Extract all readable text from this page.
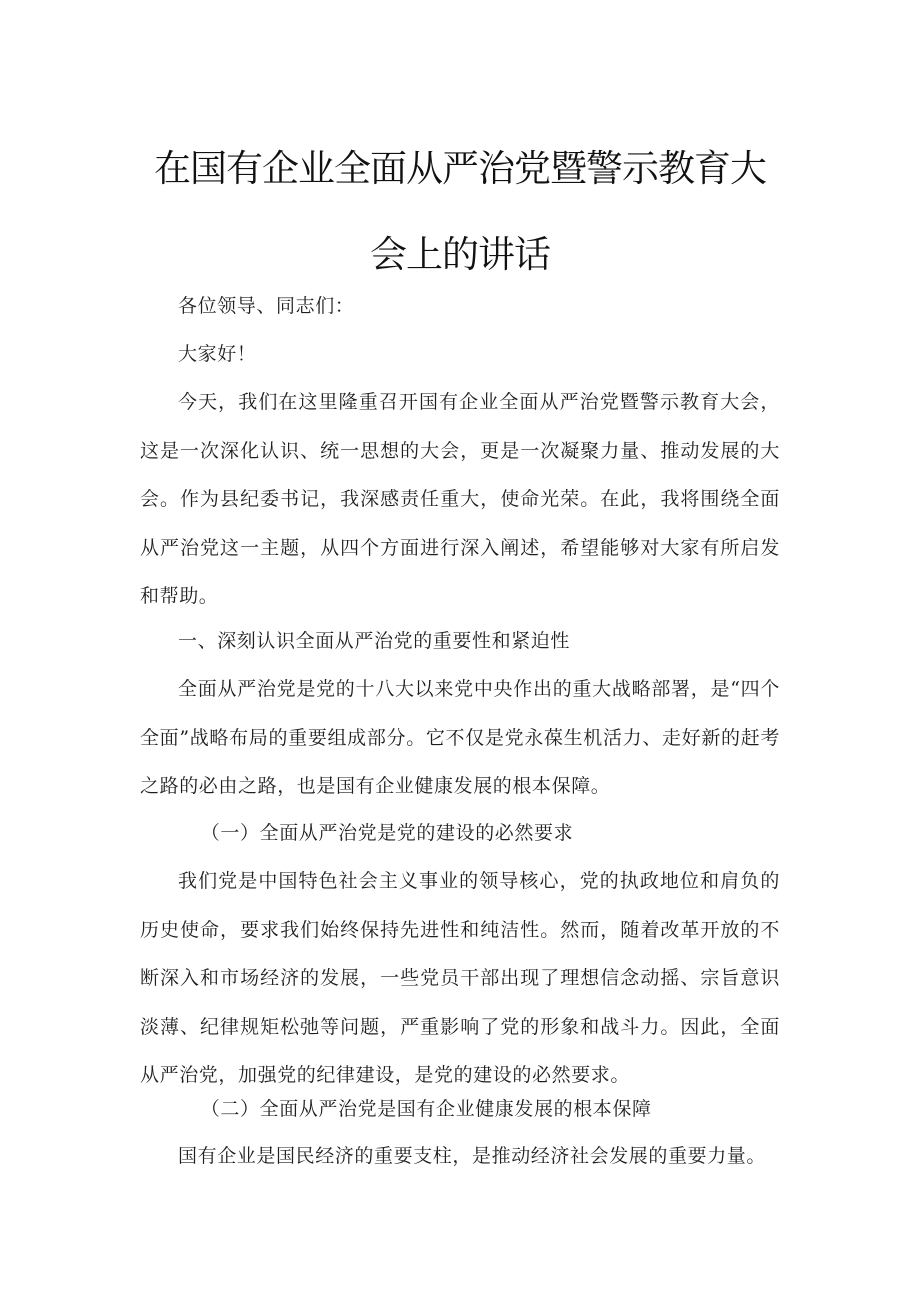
在国有企业全面从严治党暨警示教育大
会上的讲话

各位领导、同志们：

大家好！

今天，我们在这里隆重召开国有企业全面从严治党暨警示教育大会，这是一次深化认识、统一思想的大会，更是一次凝聚力量、推动发展的大会。作为县纪委书记，我深感责任重大，使命光荣。在此，我将围绕全面从严治党这一主题，从四个方面进行深入阐述，希望能够对大家有所启发和帮助。

一、深刻认识全面从严治党的重要性和紧迫性

全面从严治党是党的十八大以来党中央作出的重大战略部署，是“四个全面”战略布局的重要组成部分。它不仅是党永葆生机活力、走好新的赶考之路的必由之路，也是国有企业健康发展的根本保障。

（一）全面从严治党是党的建设的必然要求

我们党是中国特色社会主义事业的领导核心，党的执政地位和肩负的历史使命，要求我们始终保持先进性和纯洁性。然而，随着改革开放的不断深入和市场经济的发展，一些党员干部出现了理想信念动摇、宗旨意识淡薄、纪律规矩松弛等问题，严重影响了党的形象和战斗力。因此，全面从严治党，加强党的纪律建设，是党的建设的必然要求。

（二）全面从严治党是国有企业健康发展的根本保障

国有企业是国民经济的重要支柱，是推动经济社会发展的重要力量。
